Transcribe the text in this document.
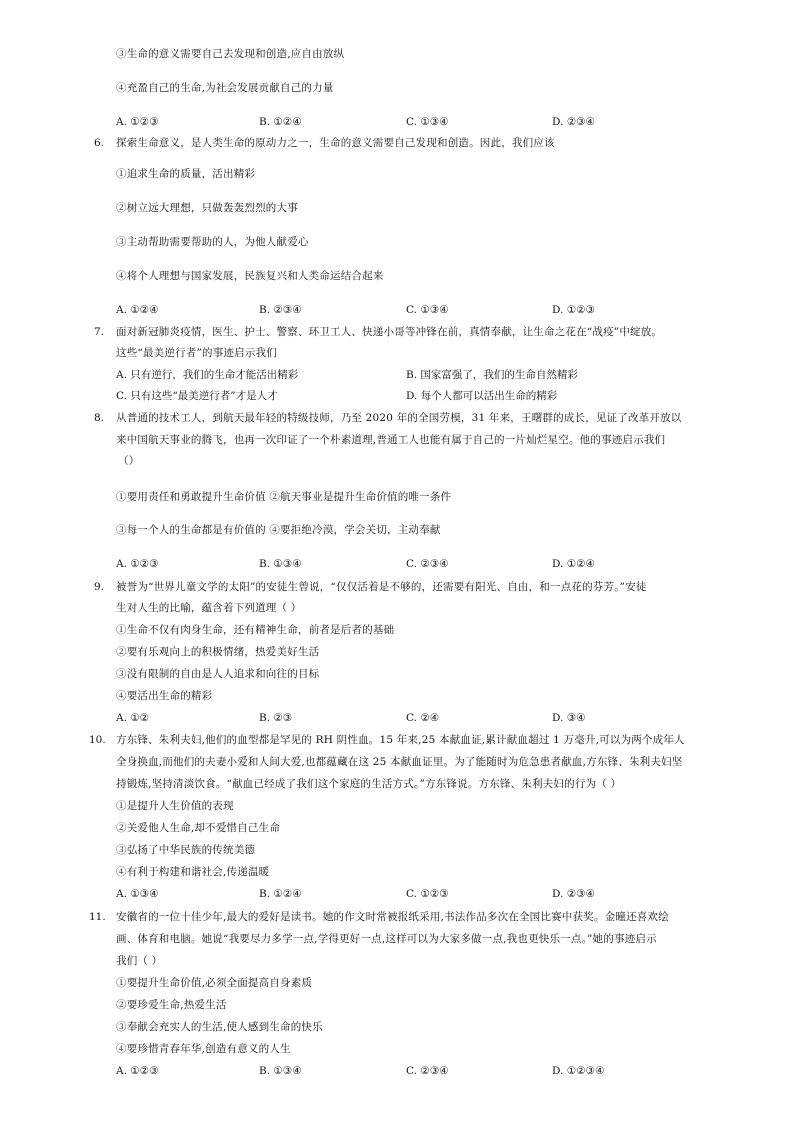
③生命的意义需要自己去发现和创造,应自由放纵
④充盈自己的生命,为社会发展贡献自己的力量
A. ①②③	B. ①②④	C. ①③④	D. ②③④
6. 探索生命意义，是人类生命的原动力之一，生命的意义需要自己发现和创造。因此，我们应该
①追求生命的质量，活出精彩
②树立远大理想，只做轰轰烈烈的大事
③主动帮助需要帮助的人，为他人献爱心
④将个人理想与国家发展，民族复兴和人类命运结合起来
A. ①②④	B. ②③④	C. ①③④	D. ①②③
7. 面对新冠肺炎疫情，医生、护士、警察、环卫工人、快递小哥等冲锋在前，真情奉献，让生命之花在“战疫”中绽放。
这些“最美逆行者”的事迹启示我们
A. 只有逆行，我们的生命才能活出精彩	B. 国家富强了，我们的生命自然精彩
C. 只有这些“最美逆行者”才是人才	D. 每个人都可以活出生命的精彩
8. 从普通的技术工人，到航天最年轻的特级技师，乃至 2020 年的全国劳模，31 年来，王曙群的成长，见证了改革开放以
来中国航天事业的腾飞，也再一次印证了一个朴素道理,普通工人也能有属于自己的一片灿烂星空。他的事迹启示我们
（）
①要用责任和勇敢提升生命价值 ②航天事业是提升生命价值的唯一条件
③每一个人的生命都是有价值的 ④要拒绝冷漠，学会关切，主动奉献
A. ①②③	B. ①③④	C. ②③④	D. ①②④
9. 被誉为“世界儿童文学的太阳”的安徒生曾说，“仅仅活着是不够的，还需要有阳光、自由，和一点花的芬芳。”安徒
生对人生的比喻，蕴含着下列道理（ ）
①生命不仅有肉身生命，还有精神生命，前者是后者的基础
②要有乐观向上的积极情绪，热爱美好生活
③没有限制的自由是人人追求和向往的目标
④要活出生命的精彩
A. ①②	B. ②③	C. ②④	D. ③④
10. 方东锋、朱利夫妇,他们的血型都是罕见的 RH 阴性血。15 年来,25 本献血证,累计献血超过 1 万毫升,可以为两个成年人
全身换血,而他们的夫妻小爱和人间大爱,也都蕴藏在这 25 本献血证里。为了能随时为危急患者献血,方东锋、朱利夫妇坚
持锻炼,坚持清淡饮食。“献血已经成了我们这个家庭的生活方式。”方东锋说。方东锋、朱利夫妇的行为（ ）
①是提升人生价值的表现
②关爱他人生命,却不爱惜自己生命
③弘扬了中华民族的传统美德
④有利于构建和谐社会,传递温暖
A. ①③④	B. ①②④	C. ①②③	D. ②③④
11. 安徽省的一位十佳少年,最大的爱好是读书。她的作文时常被报纸采用,书法作品多次在全国比赛中获奖。金曈还喜欢绘
画、体育和电脑。她说“我要尽力多学一点,学得更好一点,这样可以为大家多做一点,我也更快乐一点。”她的事迹启示
我们（ ）
①要提升生命价值,必须全面提高自身素质
②要珍爱生命,热爱生活
③奉献会充实人的生活,使人感到生命的快乐
④要珍惜青春年华,创造有意义的人生
A. ①②③	B. ①③④	C. ②③④	D. ①②③④
